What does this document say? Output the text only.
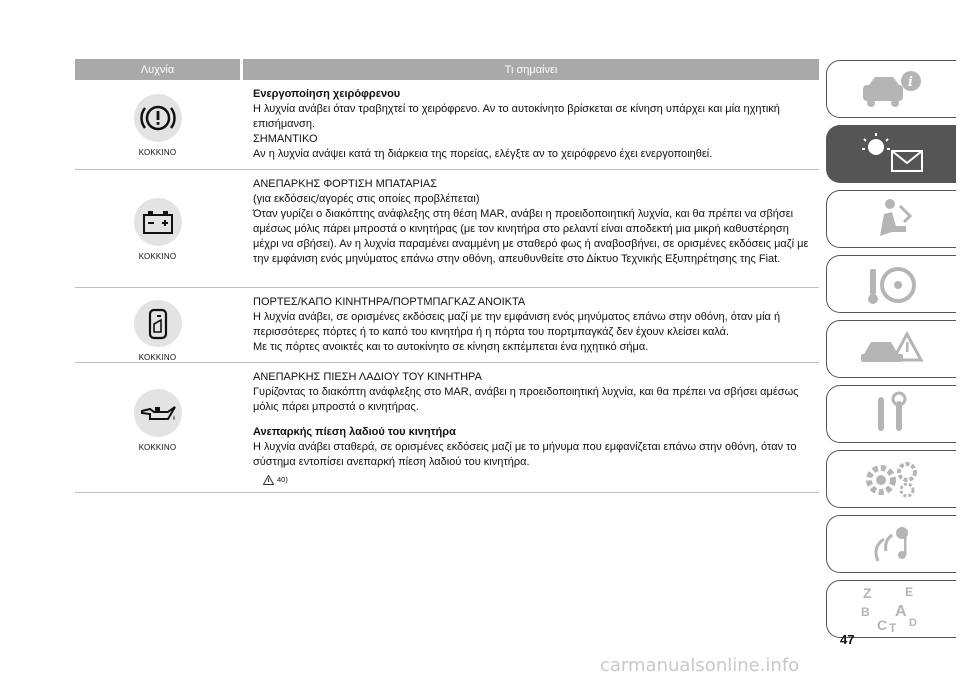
Λυχνία	Τι σημαίνει
ΚΟΚΚΙΝΟ

Ενεργοποίηση χειρόφρενου

Η λυχνία ανάβει όταν τραβηχτεί το χειρόφρενο. Αν το αυτοκίνητο βρίσκεται σε κίνηση υπάρχει και μία ηχητική επισήμανση.

ΣΗΜΑΝΤΙΚΟ

Αν η λυχνία ανάψει κατά τη διάρκεια της πορείας, ελέγξτε αν το χειρόφρενο έχει ενεργοποιηθεί.

ΚΟΚΚΙΝΟ

ΑΝΕΠΑΡΚΗΣ ΦΟΡΤΙΣΗ ΜΠΑΤΑΡΙΑΣ

(για εκδόσεις/αγορές στις οποίες προβλέπεται)

Όταν γυρίζει ο διακόπτης ανάφλεξης στη θέση MAR, ανάβει η προειδοποιητική λυχνία, και θα πρέπει να σβήσει αμέσως μόλις πάρει μπροστά ο κινητήρας (με τον κινητήρα στο ρελαντί είναι αποδεκτή μια μικρή καθυστέρηση μέχρι να σβήσει). Αν η λυχνία παραμένει αναμμένη με σταθερό φως ή αναβοσβήνει, σε ορισμένες εκδόσεις μαζί με την εμφάνιση ενός μηνύματος επάνω στην οθόνη, απευθυνθείτε στο Δίκτυο Τεχνικής Εξυπηρέτησης της Fiat.

ΚΟΚΚΙΝΟ

ΠΟΡΤΕΣ/ΚΑΠΟ ΚΙΝΗΤΗΡΑ/ΠΟΡΤΜΠΑΓΚΑΖ ΑΝΟΙΚΤΑ

Η λυχνία ανάβει, σε ορισμένες εκδόσεις μαζί με την εμφάνιση ενός μηνύματος επάνω στην οθόνη, όταν μία ή περισσότερες πόρτες ή το καπό του κινητήρα ή η πόρτα του πορτμπαγκάζ δεν έχουν κλείσει καλά.

Με τις πόρτες ανοικτές και το αυτοκίνητο σε κίνηση εκπέμπεται ένα ηχητικό σήμα.

ΚΟΚΚΙΝΟ

ΑΝΕΠΑΡΚΗΣ ΠΙΕΣΗ ΛΑΔΙΟΥ ΤΟΥ ΚΙΝΗΤΗΡΑ

Γυρίζοντας το διακόπτη ανάφλεξης στο MAR, ανάβει η προειδοποιητική λυχνία, και θα πρέπει να σβήσει αμέσως μόλις πάρει μπροστά ο κινητήρας.

Ανεπαρκής πίεση λαδιού του κινητήρα

Η λυχνία ανάβει σταθερά, σε ορισμένες εκδόσεις μαζί με το μήνυμα που εμφανίζεται επάνω στην οθόνη, όταν το σύστημα εντοπίσει ανεπαρκή πίεση λαδιού του κινητήρα.

40)
i
Z	E
B A
C D
T
47
carmanualsonline.info
